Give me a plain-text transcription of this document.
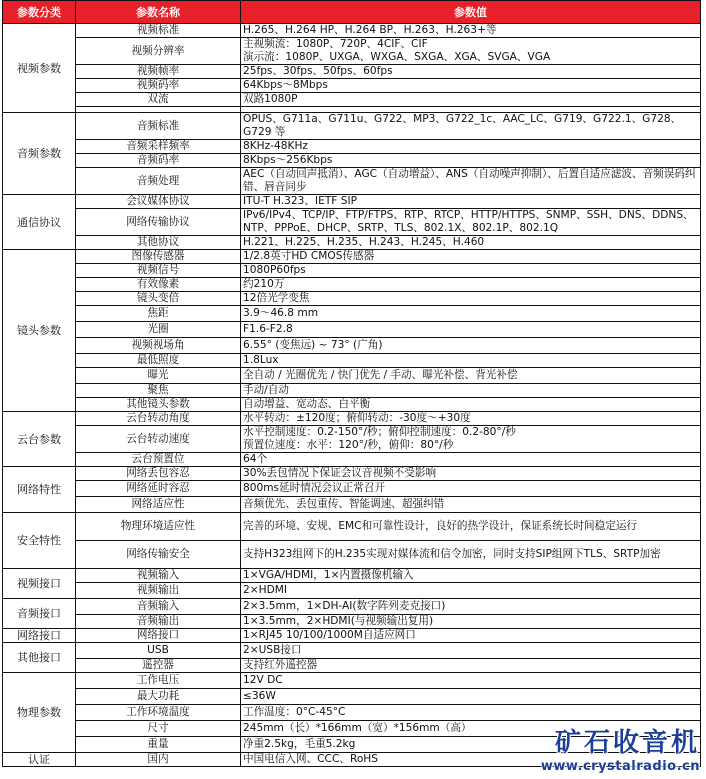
参数分类	参数名称	参数值
视频参数	视频标准	H.265、H.264 HP、H.264 BP、H.263、H.263+等
	视频分辨率	主视频流：1080P、720P、4CIF、CIF
演示流：1080P、UXGA、WXGA、SXGA、XGA、SVGA、VGA
	视频帧率	25fps、30fps、50fps、60fps
	视频码率	64Kbps～8Mbps
	双流	双路1080P

音频参数	音频标准	OPUS、G711a、G711u、G722、MP3、G722_1c、AAC_LC、G719、G722.1、G728、G729 等
	音频采样频率	8KHz-48KHz
	音频码率	8Kbps～256Kbps
	音频处理	AEC（自动回声抵消）、AGC（自动增益）、ANS（自动噪声抑制）、后置自适应滤波、音频误码纠错、唇音同步
通信协议	会议媒体协议	ITU-T H.323、IETF SIP
	网络传输协议	IPv6/IPv4、TCP/IP、FTP/FTPS、RTP、RTCP、HTTP/HTTPS、SNMP、SSH、DNS、DDNS、NTP、PPPoE、DHCP、SRTP、TLS、802.1X、802.1P、802.1Q
	其他协议	H.221、H.225、H.235、H.243、H.245、H.460
镜头参数	图像传感器	1/2.8英寸HD CMOS传感器
	视频信号	1080P60fps
	有效像素	约210万
	镜头变倍	12倍光学变焦
	焦距	3.9～46.8 mm
	光圈	F1.6-F2.8
	视频视场角	6.55° (变焦远) ~ 73° (广角)
	最低照度	1.8Lux
	曝光	全自动 / 光圈优先 / 快门优先 / 手动、曝光补偿、背光补偿
	聚焦	手动/自动
	其他镜头参数	自动增益、宽动态、白平衡
云台参数	云台转动角度	水平转动：±120度；俯仰转动：-30度～+30度
	云台转动速度	水平控制速度：0.2-150°/秒；俯仰控制速度：0.2-80°/秒
预置位速度：水平：120°/秒，俯仰：80°/秒
	云台预置位	64个
网络特性	网络丢包容忍	30%丢包情况下保证会议音视频不受影响
	网络延时容忍	800ms延时情况会议正常召开
	网络适应性	音频优先、丢包重传、智能调速、超强纠错
安全特性	物理环境适应性	完善的环境、安规、EMC和可靠性设计，良好的热学设计，保证系统长时间稳定运行
	网络传输安全	支持H323组网下的H.235实现对媒体流和信令加密，同时支持SIP组网下TLS、SRTP加密
视频接口	视频输入	1×VGA/HDMI，1×内置摄像机输入
	视频输出	2×HDMI
音频接口	音频输入	2×3.5mm，1×DH-AI(数字阵列麦克接口)
	音频输出	1×3.5mm，2×HDMI(与视频输出复用)
网络接口	网络接口	1×RJ45 10/100/1000M自适应网口
其他接口	USB	2×USB接口
	遥控器	支持红外遥控器
物理参数	工作电压	12V DC
	最大功耗	≤36W
	工作环境温度	工作温度：0°C-45°C
	尺寸	245mm（长）*166mm（宽）*156mm（高）
	重量	净重2.5kg，毛重5.2kg
认证	国内	中国电信入网、CCC、RoHS
矿石收音机
www.crystalradio.cn
